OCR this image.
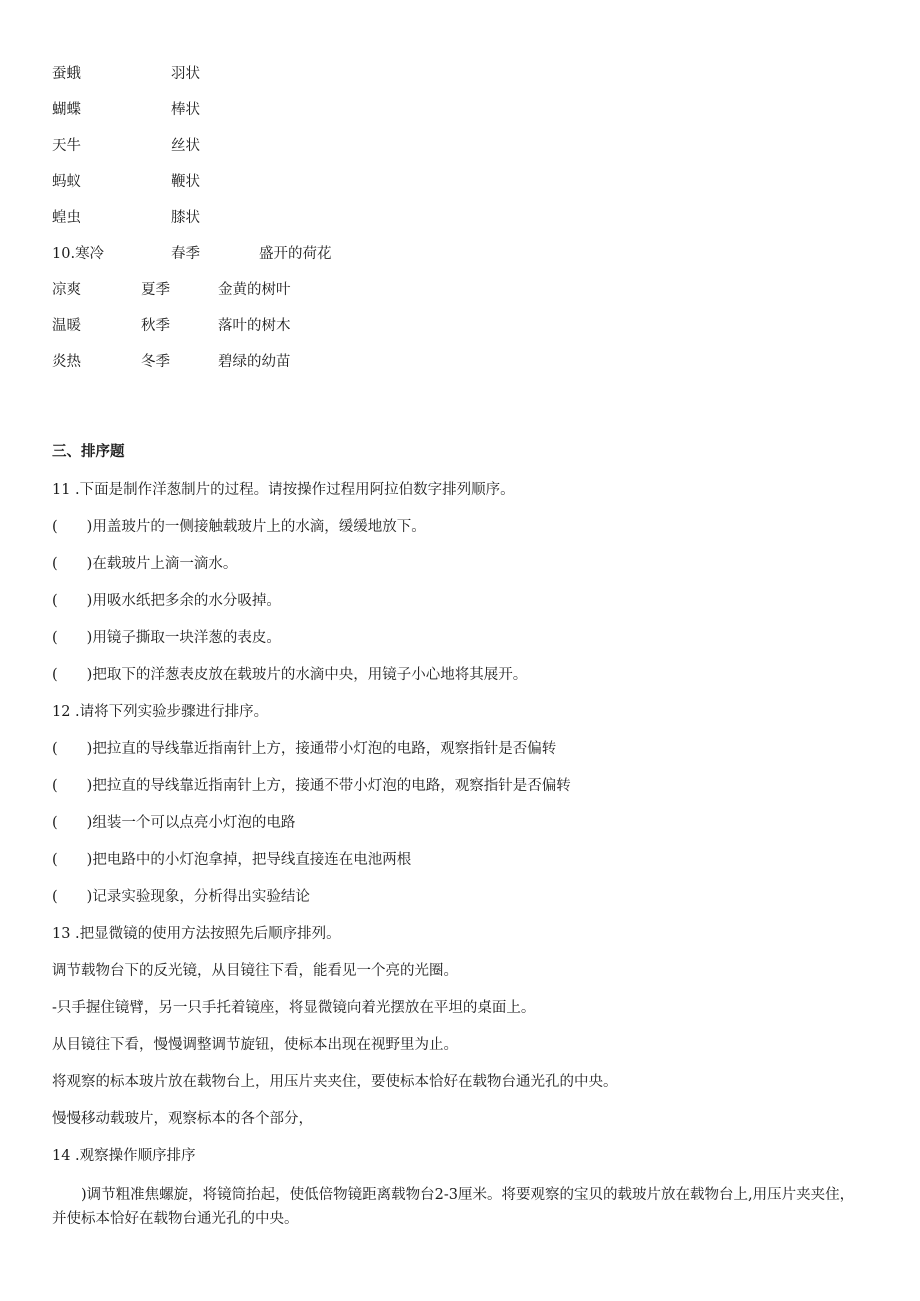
蚕蛾	羽状
蝴蝶	棒状
天牛	丝状
蚂蚁	鞭状
蝗虫	膝状
10.寒冷	春季	盛开的荷花
凉爽	夏季	金黄的树叶
温暖	秋季	落叶的树木
炎热	冬季	碧绿的幼苗
三、排序题
11 .下面是制作洋葱制片的过程。请按操作过程用阿拉伯数字排列顺序。
(　　)用盖玻片的一侧接触载玻片上的水滴，缓缓地放下。
(　　)在载玻片上滴一滴水。
(　　)用吸水纸把多余的水分吸掉。
(　　)用镜子撕取一块洋葱的表皮。
(　　)把取下的洋葱表皮放在载玻片的水滴中央，用镜子小心地将其展开。
12 .请将下列实验步骤进行排序。
(　　)把拉直的导线靠近指南针上方，接通带小灯泡的电路，观察指针是否偏转
(　　)把拉直的导线靠近指南针上方，接通不带小灯泡的电路，观察指针是否偏转
(　　)组装一个可以点亮小灯泡的电路
(　　)把电路中的小灯泡拿掉，把导线直接连在电池两根
(　　)记录实验现象，分析得出实验结论
13 .把显微镜的使用方法按照先后顺序排列。
调节载物台下的反光镜，从目镜往下看，能看见一个亮的光圈。
-只手握住镜臂，另一只手托着镜座，将显微镜向着光摆放在平坦的桌面上。
从目镜往下看，慢慢调整调节旋钮，使标本出现在视野里为止。
将观察的标本玻片放在载物台上，用压片夹夹住，要使标本恰好在载物台通光孔的中央。
慢慢移动载玻片，观察标本的各个部分，
14 .观察操作顺序排序
　　)调节粗准焦螺旋，将镜筒抬起，使低倍物镜距离载物台2-3厘米。将要观察的宝贝的载玻片放在载物台上,用压片夹夹住，并使标本恰好在载物台通光孔的中央。
